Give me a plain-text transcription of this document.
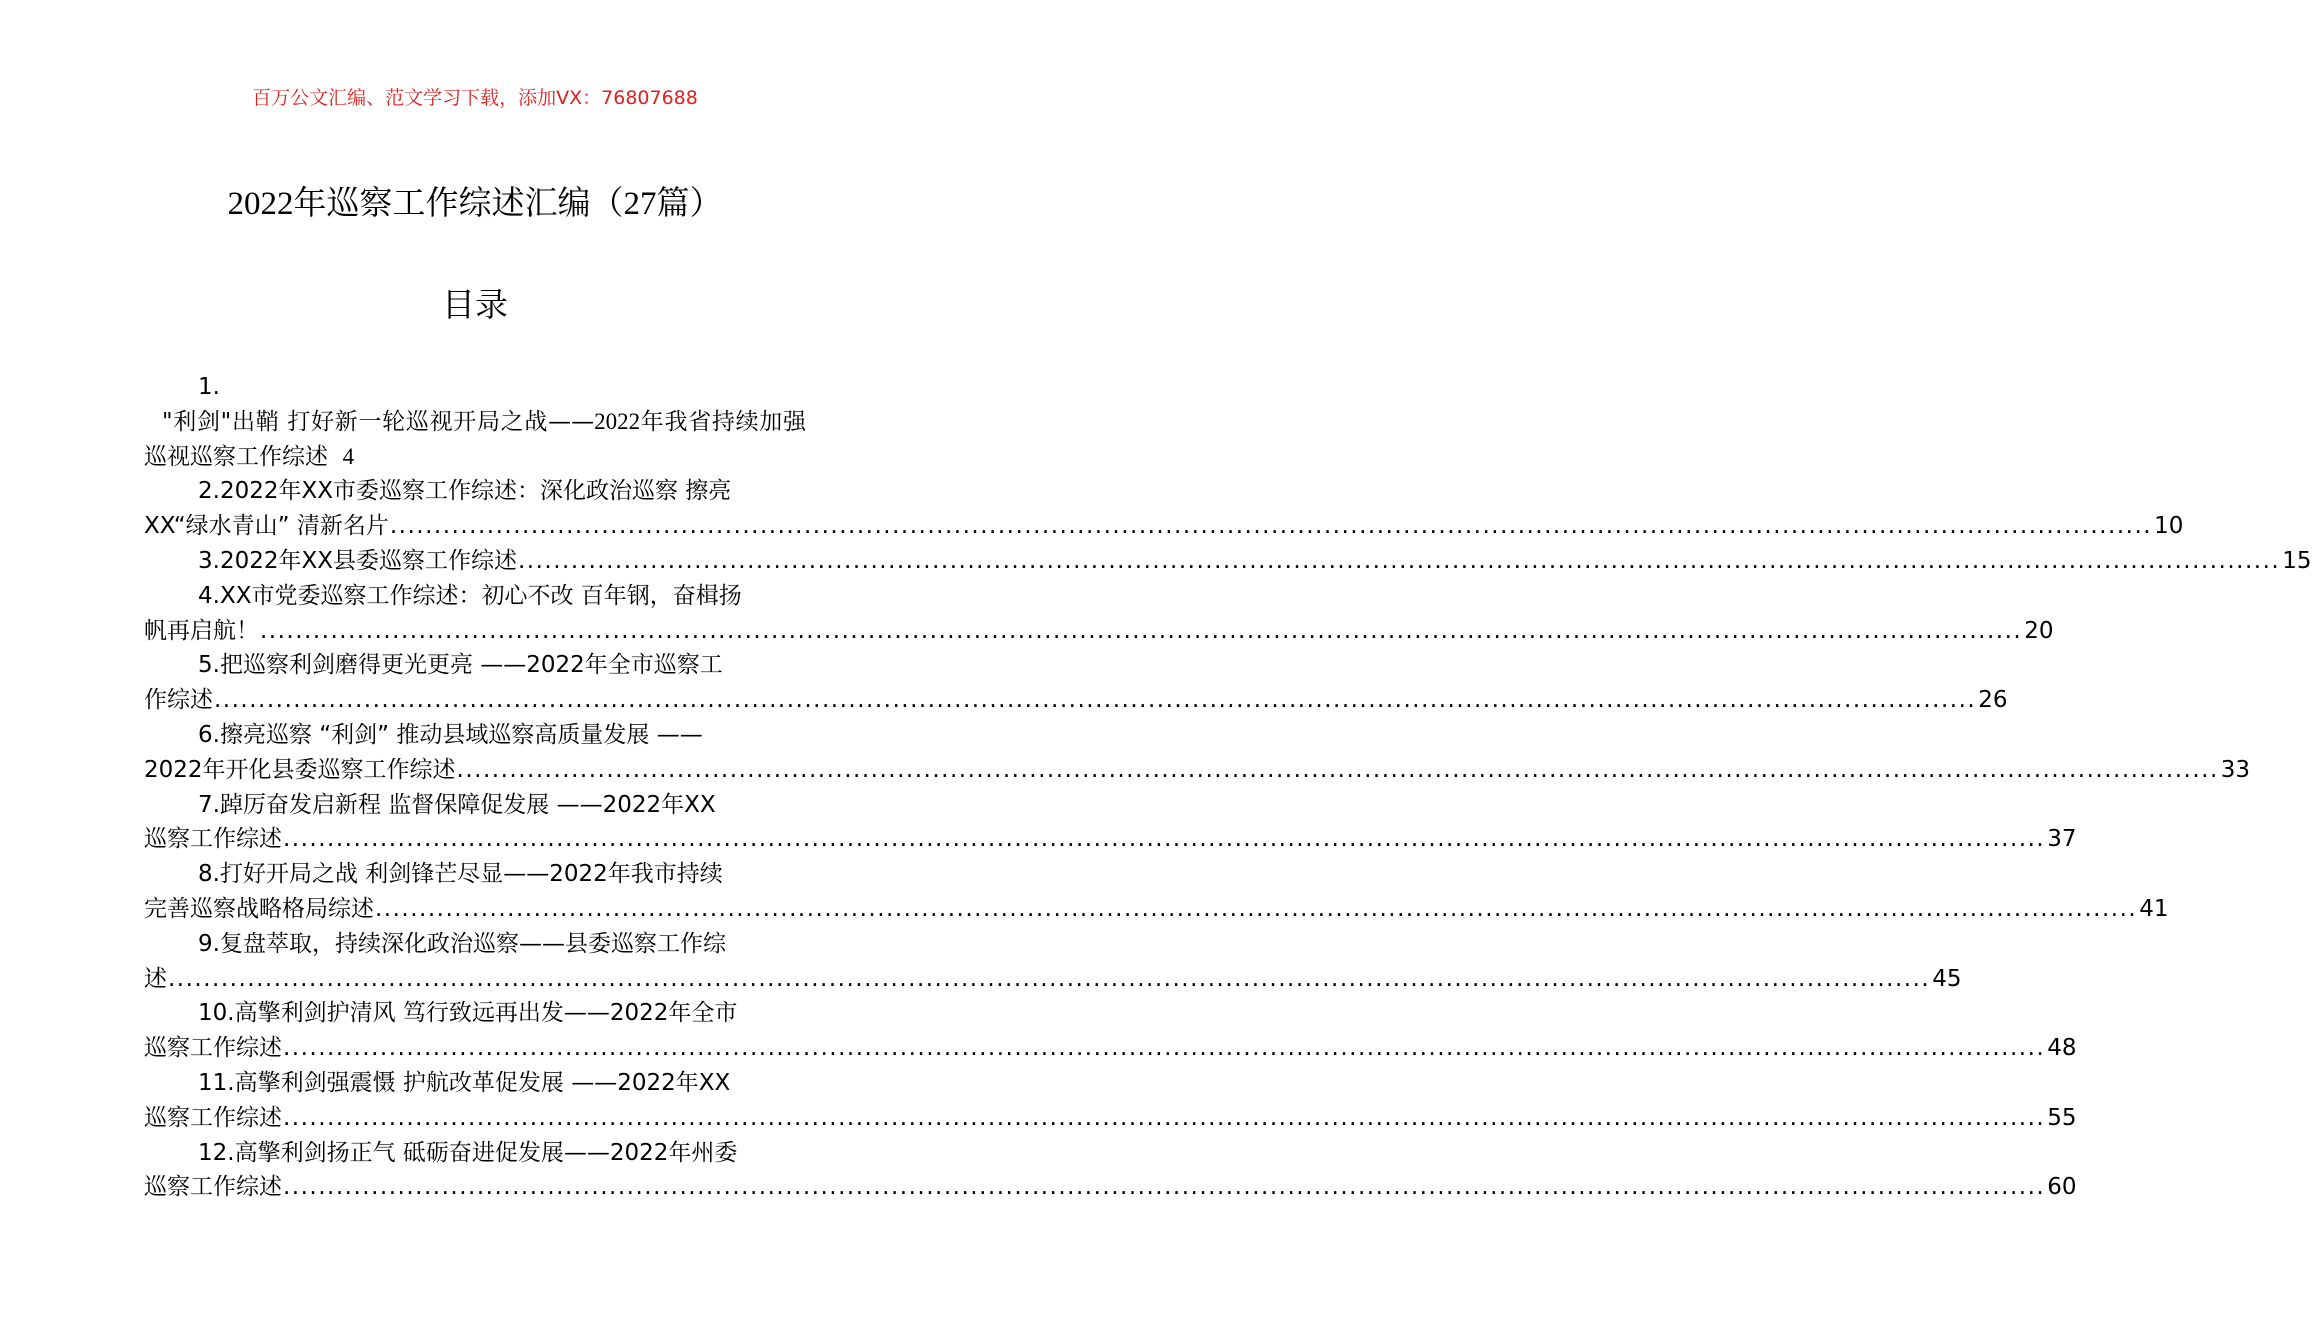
百万公文汇编、范文学习下载，添加VX：76807688
2022年巡察工作综述汇编（27篇）
目录
1.
"利剑"出鞘 打好新一轮巡视开局之战——2022年我省持续加强巡视巡察工作综述 4
2.2022年XX市委巡察工作综述：深化政治巡察 擦亮
XX“绿水青山” 清新名片 ........................................................................................................................................................................................................ 10
3.2022年XX县委巡察工作综述 ........................................................................................................................................................................................................ 15
4.XX市党委巡察工作综述：初心不改 百年钢，奋楫扬
帆再启航！ ........................................................................................................................................................................................................ 20
5.把巡察利剑磨得更光更亮 ——2022年全市巡察工
作综述 ........................................................................................................................................................................................................ 26
6.擦亮巡察 “利剑” 推动县域巡察高质量发展 ——
2022年开化县委巡察工作综述 ........................................................................................................................................................................................................ 33
7.踔厉奋发启新程 监督保障促发展 ——2022年XX
巡察工作综述 ........................................................................................................................................................................................................ 37
8.打好开局之战 利剑锋芒尽显——2022年我市持续
完善巡察战略格局综述 ........................................................................................................................................................................................................ 41
9.复盘萃取，持续深化政治巡察——县委巡察工作综
述 ........................................................................................................................................................................................................ 45
10.高擎利剑护清风 笃行致远再出发——2022年全市
巡察工作综述 ........................................................................................................................................................................................................ 48
11.高擎利剑强震慑 护航改革促发展 ——2022年XX
巡察工作综述 ........................................................................................................................................................................................................ 55
12.高擎利剑扬正气 砥砺奋进促发展——2022年州委
巡察工作综述 ........................................................................................................................................................................................................ 60
